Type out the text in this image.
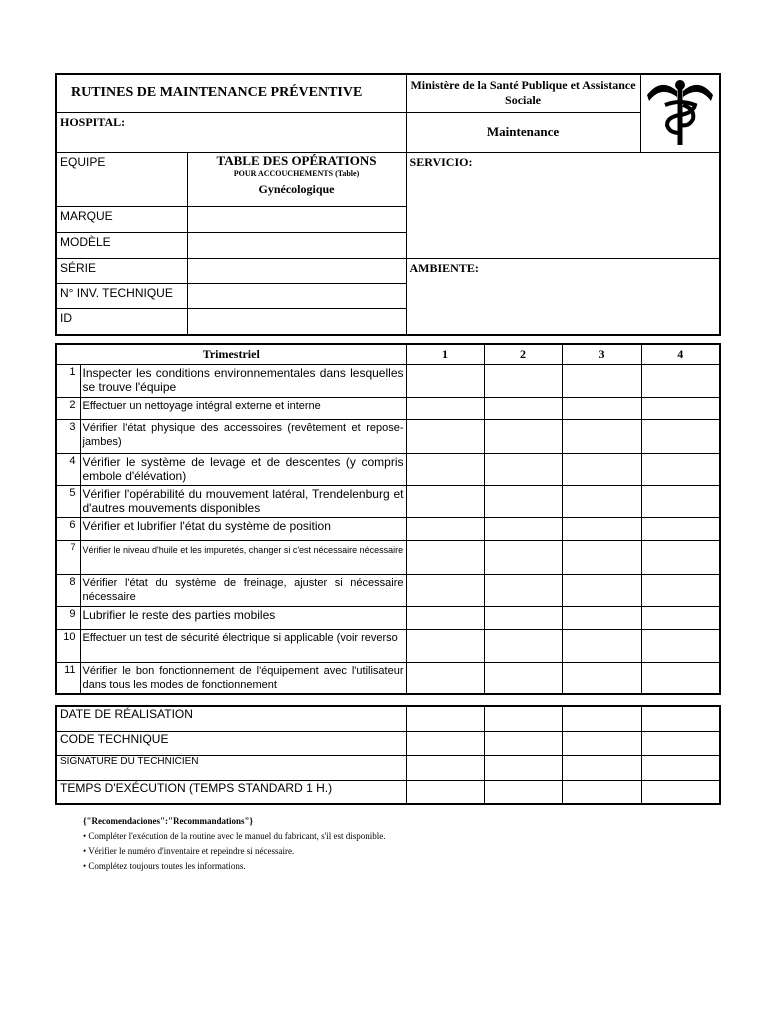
RUTINES DE MAINTENANCE PRÉVENTIVE		Ministère de la Santé Publique et Assistance Sociale	
HOSPITAL:		Maintenance	
EQUIPE	TABLE DES OPÉRATIONS
POUR ACCOUCHEMENTS (Table)
Gynécologique	SERVICIO:	
MARQUE			
MODÈLE			
SÉRIE		AMBIENTE:	
N° INV. TECHNIQUE			
ID			
Trimestriel		1	2	3	4
1	Inspecter les conditions environnementales dans lesquelles se trouve l'équipe				
2	Effectuer un nettoyage intégral externe et interne				
3	Vérifier l'état physique des accessoires (revêtement et repose-jambes)				
4	Vérifier le système de levage et de descentes (y compris embole d'élévation)				
5	Vérifier l'opérabilité du mouvement latéral, Trendelenburg et d'autres mouvements disponibles				
6	Vérifier et lubrifier l'état du système de position				
7	Vérifier le niveau d'huile et les impuretés, changer si c'est nécessaire nécessaire				
8	Vérifier l'état du système de freinage, ajuster si nécessaire nécessaire				
9	Lubrifier le reste des parties mobiles				
10	Effectuer un test de sécurité électrique si applicable (voir reverso				
11	Vérifier le bon fonctionnement de l'équipement avec l'utilisateur dans tous les modes de fonctionnement				
DATE DE RÉALISATION				
CODE TECHNIQUE				
SIGNATURE DU TECHNICIEN				
TEMPS D'EXÉCUTION (TEMPS STANDARD 1 H.)				
{"Recomendaciones":"Recommandations"}
• Compléter l'exécution de la routine avec le manuel du fabricant, s'il est disponible.
• Vérifier le numéro d'inventaire et repeindre si nécessaire.
• Complétez toujours toutes les informations.
